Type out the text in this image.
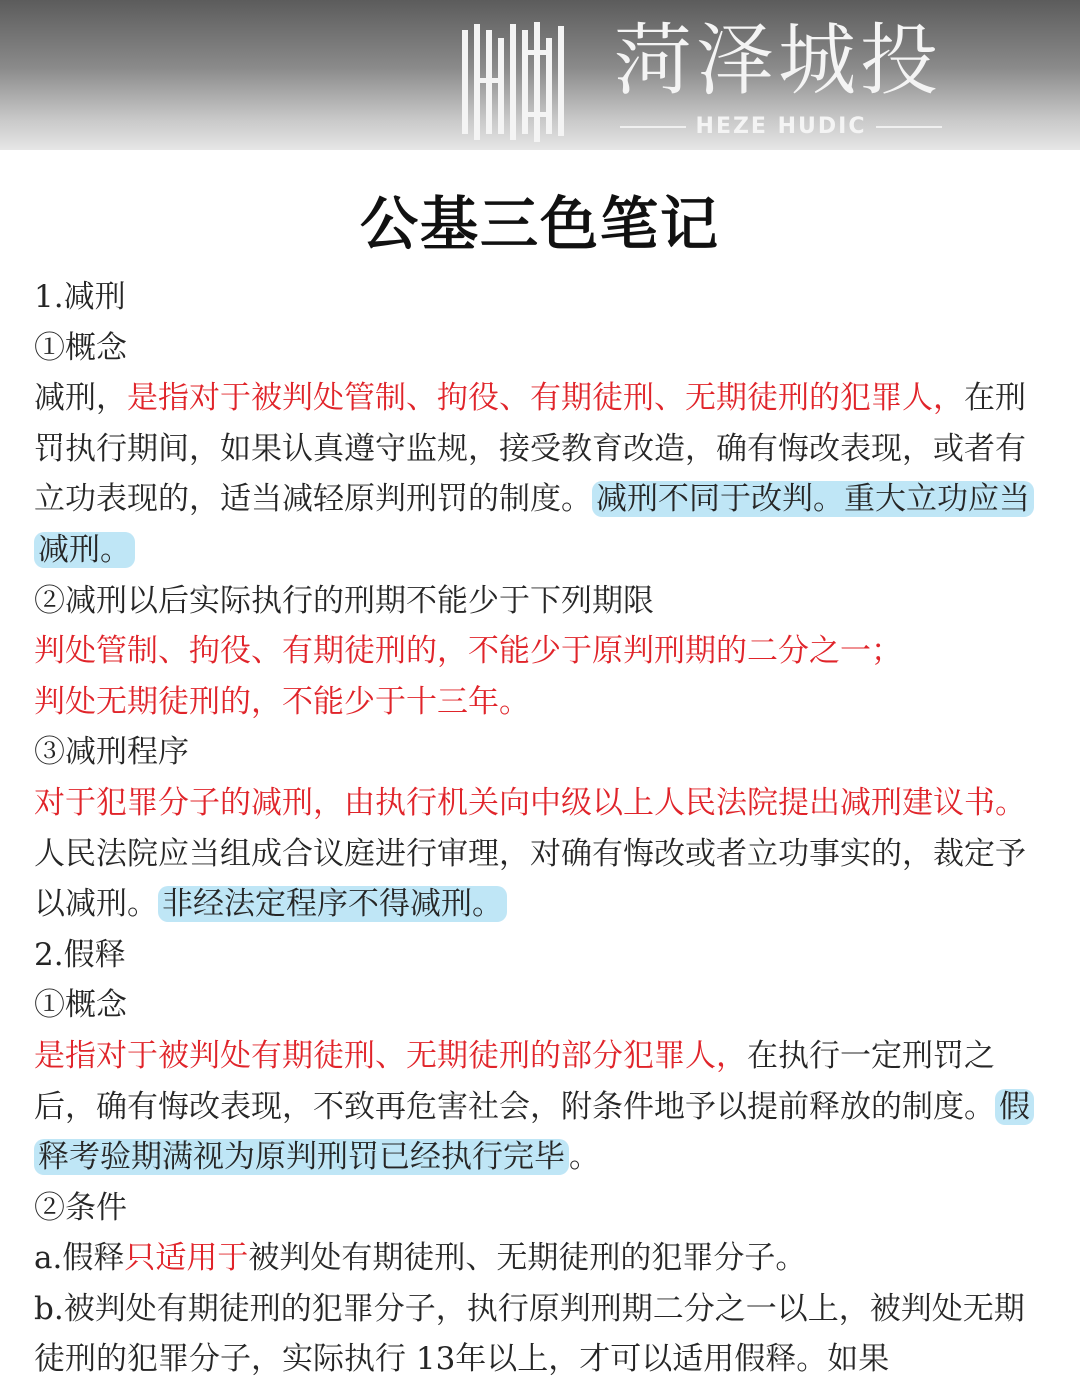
菏泽城投
HEZE HUDIC
公基三色笔记

1.减刑

①概念

减刑，是指对于被判处管制、拘役、有期徒刑、无期徒刑的犯罪人，在刑罚执行期间，如果认真遵守监规，接受教育改造，确有悔改表现，或者有立功表现的，适当减轻原判刑罚的制度。 减刑不同于改判。重大立功应当减刑。

②减刑以后实际执行的刑期不能少于下列期限

判处管制、拘役、有期徒刑的，不能少于原判刑期的二分之一；

判处无期徒刑的，不能少于十三年。

③减刑程序

对于犯罪分子的减刑，由执行机关向中级以上人民法院提出减刑建议书。人民法院应当组成合议庭进行审理，对确有悔改或者立功事实的，裁定予以减刑。 非经法定程序不得减刑。

2.假释

①概念

是指对于被判处有期徒刑、无期徒刑的部分犯罪人，在执行一定刑罚之后，确有悔改表现，不致再危害社会，附条件地予以提前释放的制度。 假释考验期满视为原判刑罚已经执行完毕 。

②条件

a.假释只适用于被判处有期徒刑、无期徒刑的犯罪分子。

b.被判处有期徒刑的犯罪分子，执行原判刑期二分之一以上，被判处无期徒刑的犯罪分子，实际执行 13年以上，才可以适用假释。如果
